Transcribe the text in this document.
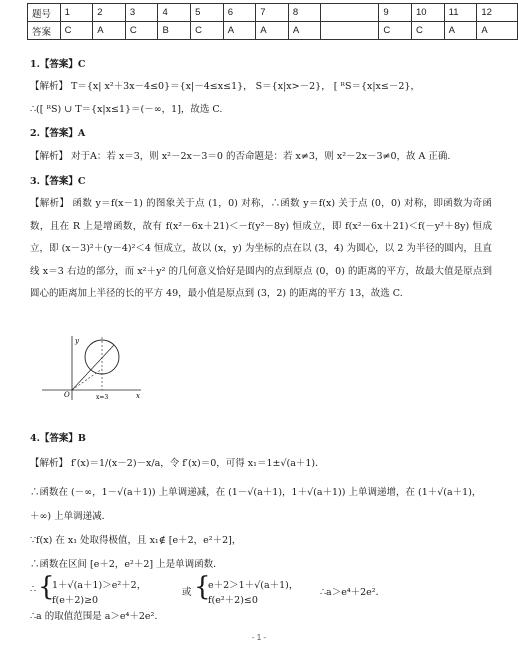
题号	1	2	3	4	5	6	7	8		9	10	11	12
答案	C	A	C	B	C	A	A	A		C	C	A	A
1.【答案】C
【解析】 T＝{x| x²＋3x－4≤0}＝{x|－4≤x≤1}， S＝{x|x>－2}， [ ᴿS＝{x|x≤－2}，
∴([ ᴿS) ∪ T＝{x|x≤1}＝(－∞，1]，故选 C.
2.【答案】A
【解析】 对于A：若 x＝3，则 x²－2x－3＝0 的否命题是：若 x≠3，则 x²－2x－3≠0，故 A 正确.
3.【答案】C
【解析】 函数 y＝f(x－1) 的图象关于点 (1，0) 对称，∴函数 y＝f(x) 关于点 (0，0) 对称，即函数为奇函数，且在 R 上是增函数，故有 f(x²－6x＋21)＜－f(y²－8y) 恒成立，即 f(x²－6x＋21)＜f(－y²＋8y) 恒成立，即 (x－3)²＋(y－4)²＜4 恒成立，故以 (x，y) 为坐标的点在以 (3，4) 为圆心，以 2 为半径的圆内，且直线 x＝3 右边的部分，而 x²＋y² 的几何意义恰好是圆内的点到原点 (0，0) 的距离的平方，故最大值是原点到圆心的距离加上半径的长的平方 49，最小值是原点到 (3，2) 的距离的平方 13，故选 C.
y
x
O	x=3
4.【答案】B
【解析】 f′(x)＝1/(x－2)－x/a，令 f′(x)＝0，可得 x₁＝1±√(a＋1)．
∴函数在 (－∞，1－√(a＋1)) 上单调递减，在 (1－√(a＋1)，1＋√(a＋1)) 上单调递增，在 (1＋√(a＋1)，
＋∞) 上单调递减．
∵f(x) 在 x₁ 处取得极值，且 x₁∉ [e＋2，e²＋2]，
∴函数在区间 [e＋2，e²＋2] 上是单调函数．
∴ {
1＋√(a＋1)＞e²＋2，
f(e＋2)≥0
或 {
e＋2＞1＋√(a＋1)，
f(e²＋2)≤0
∴a＞e⁴＋2e²．
∴a 的取值范围是 a＞e⁴＋2e².
- 1 -
